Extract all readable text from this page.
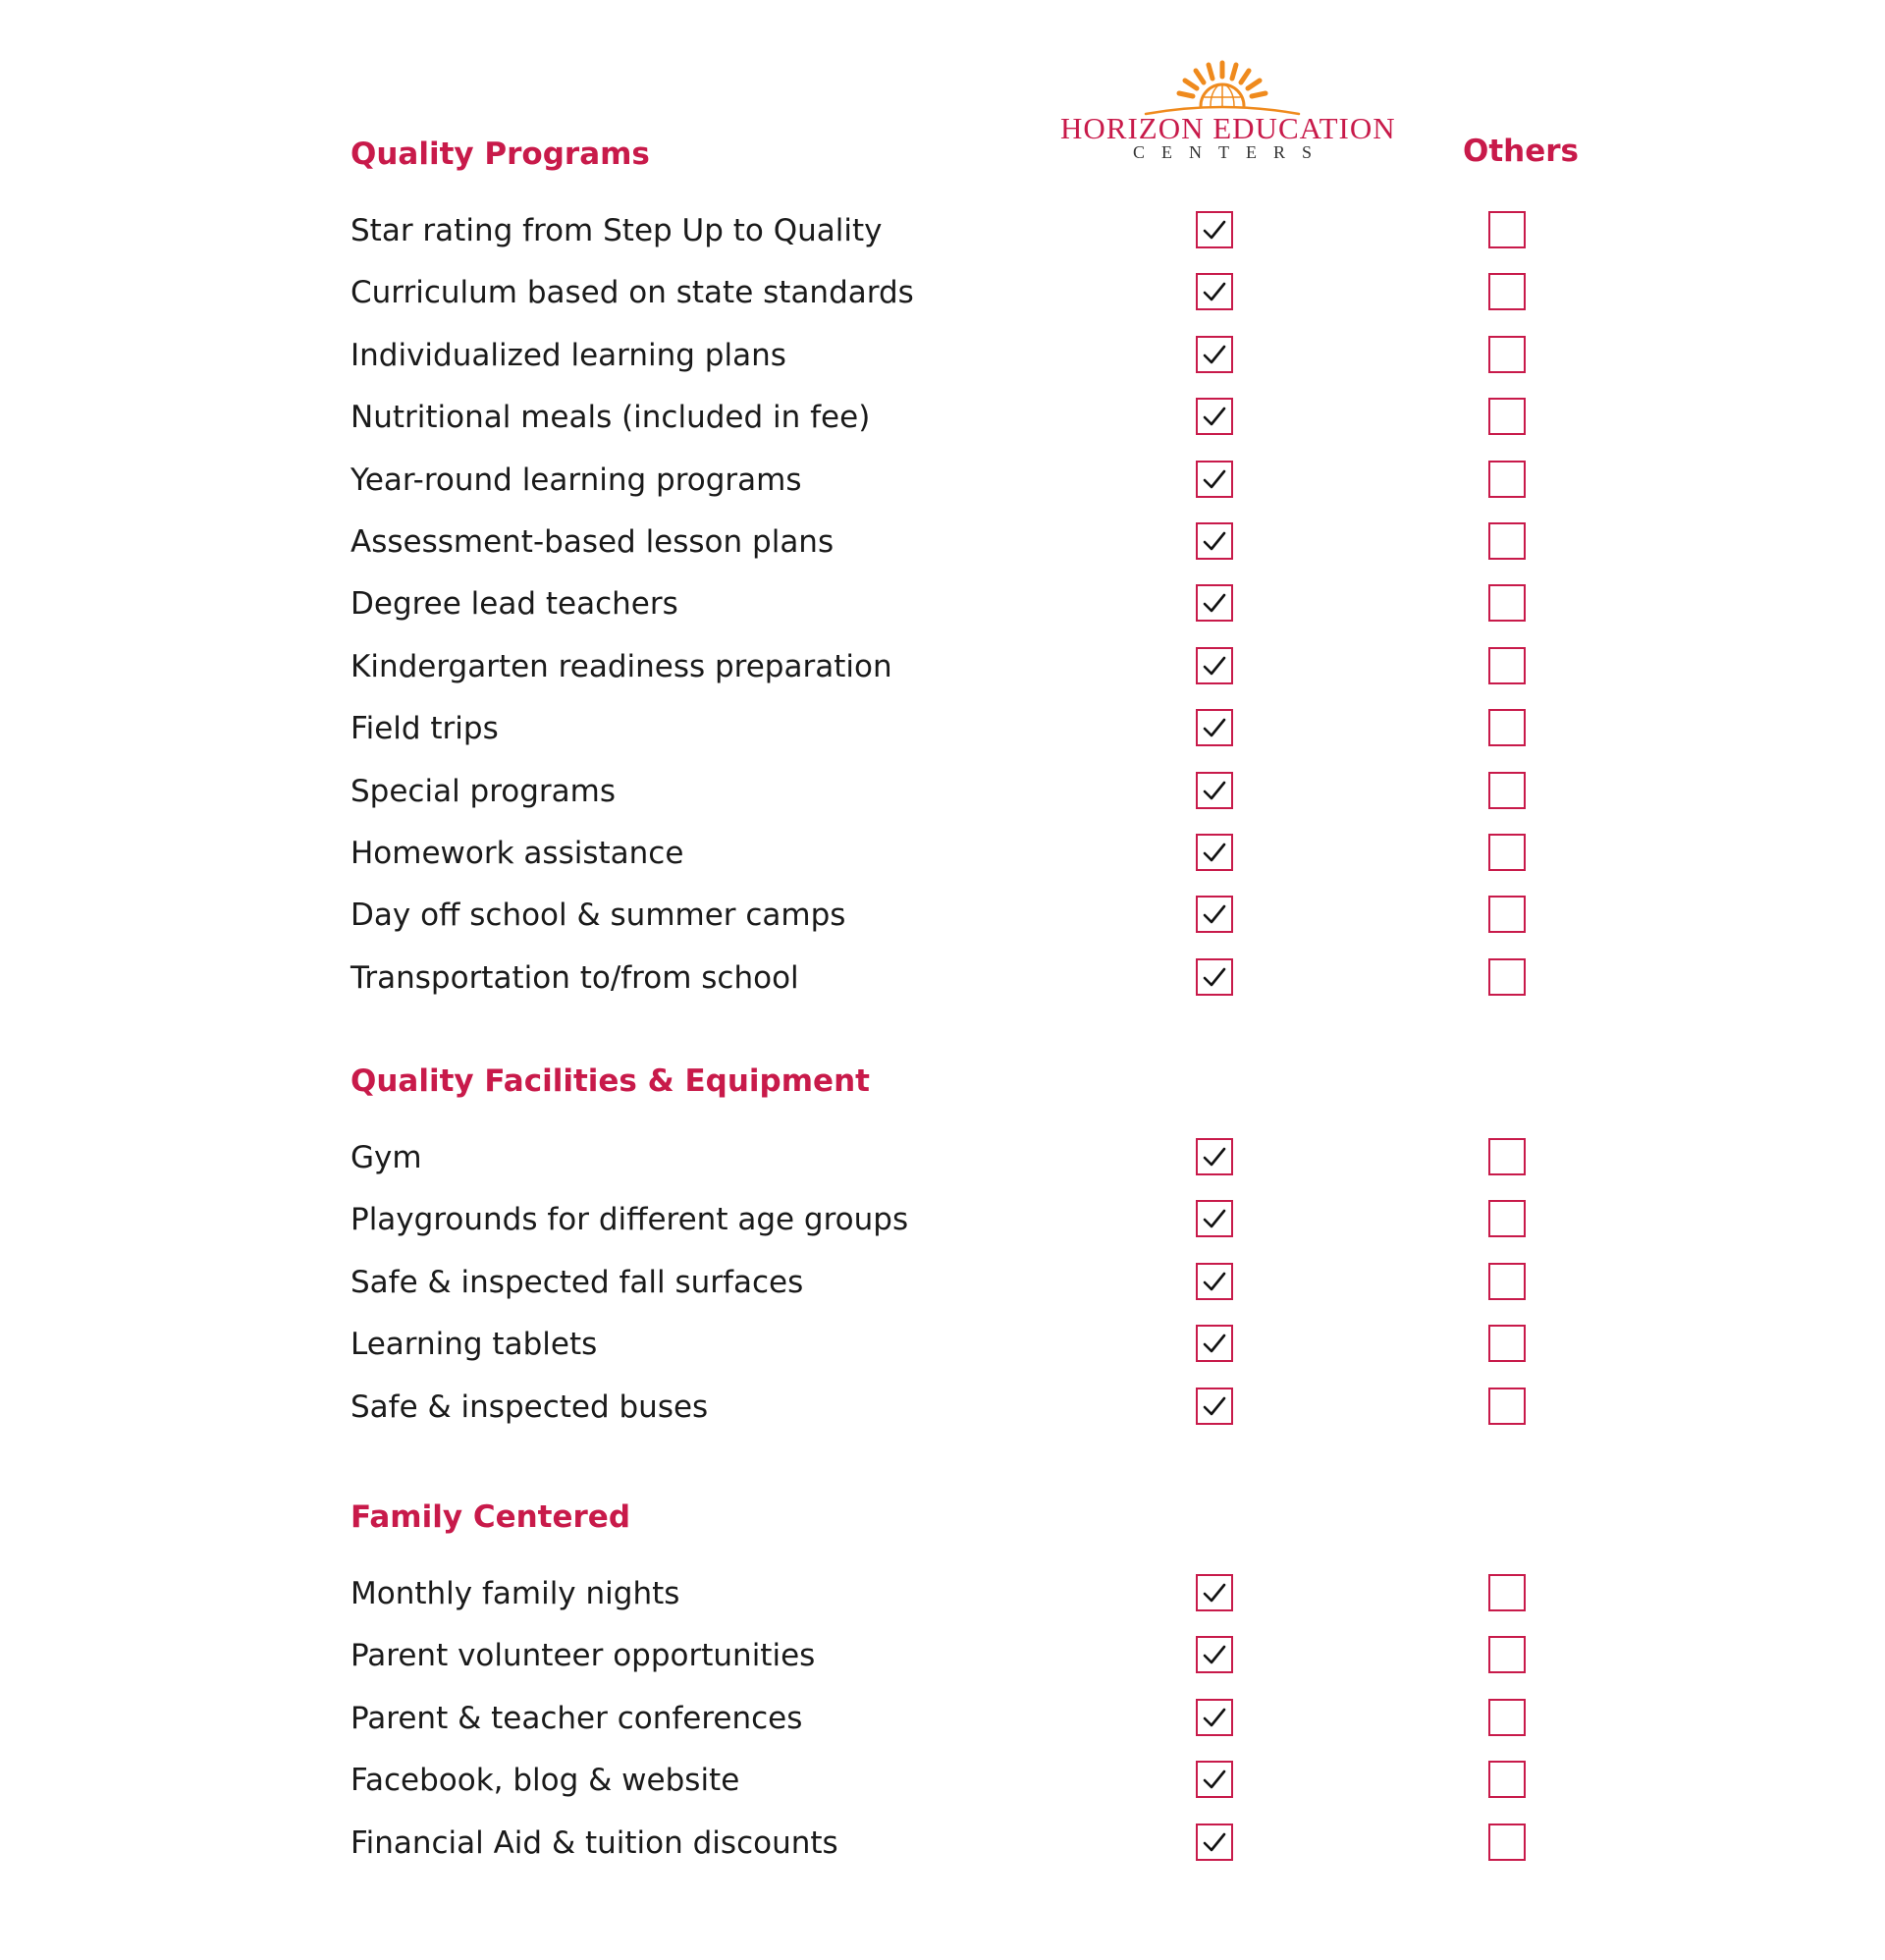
HORIZON EDUCATION
CENTERS	Others
Quality Programs
Star rating from Step Up to Quality
Curriculum based on state standards
Individualized learning plans
Nutritional meals (included in fee)
Year-round learning programs
Assessment-based lesson plans
Degree lead teachers
Kindergarten readiness preparation
Field trips
Special programs
Homework assistance
Day off school & summer camps
Transportation to/from school
Quality Facilities & Equipment
Gym
Playgrounds for different age groups
Safe & inspected fall surfaces
Learning tablets
Safe & inspected buses
Family Centered
Monthly family nights
Parent volunteer opportunities
Parent & teacher conferences
Facebook, blog & website
Financial Aid & tuition discounts
